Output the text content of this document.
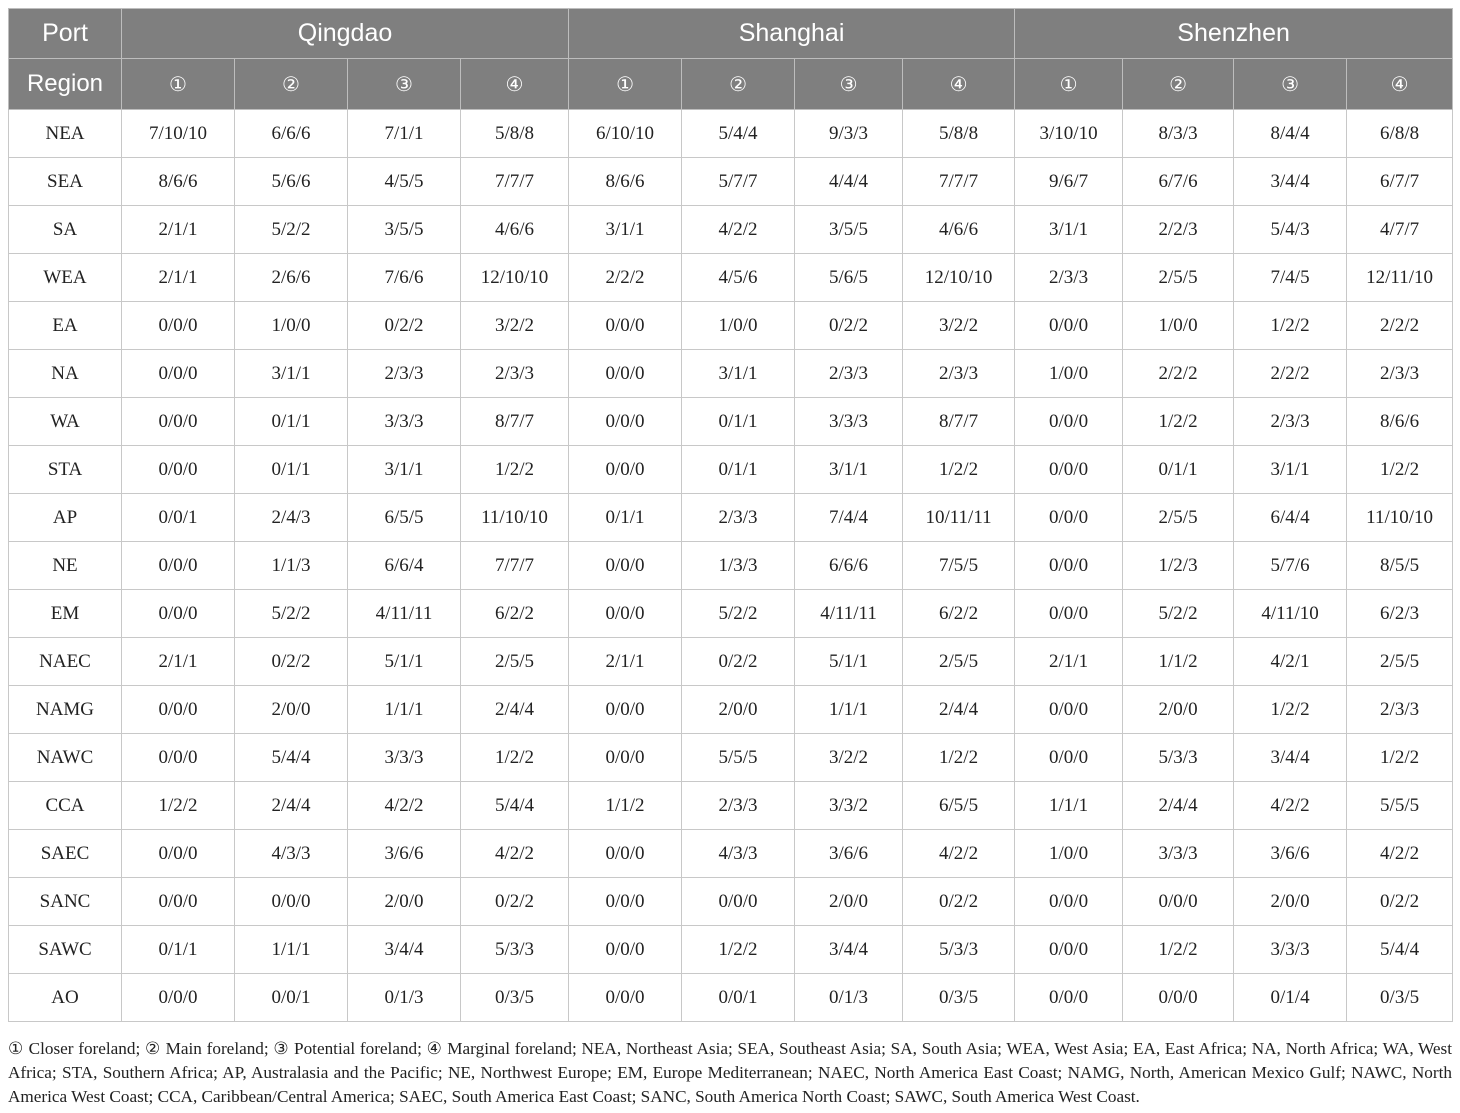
Port	Qingdao				Shanghai				Shenzhen			
Region	①	②	③	④	①	②	③	④	①	②	③	④
NEA	7/10/10	6/6/6	7/1/1	5/8/8	6/10/10	5/4/4	9/3/3	5/8/8	3/10/10	8/3/3	8/4/4	6/8/8
SEA	8/6/6	5/6/6	4/5/5	7/7/7	8/6/6	5/7/7	4/4/4	7/7/7	9/6/7	6/7/6	3/4/4	6/7/7
SA	2/1/1	5/2/2	3/5/5	4/6/6	3/1/1	4/2/2	3/5/5	4/6/6	3/1/1	2/2/3	5/4/3	4/7/7
WEA	2/1/1	2/6/6	7/6/6	12/10/10	2/2/2	4/5/6	5/6/5	12/10/10	2/3/3	2/5/5	7/4/5	12/11/10
EA	0/0/0	1/0/0	0/2/2	3/2/2	0/0/0	1/0/0	0/2/2	3/2/2	0/0/0	1/0/0	1/2/2	2/2/2
NA	0/0/0	3/1/1	2/3/3	2/3/3	0/0/0	3/1/1	2/3/3	2/3/3	1/0/0	2/2/2	2/2/2	2/3/3
WA	0/0/0	0/1/1	3/3/3	8/7/7	0/0/0	0/1/1	3/3/3	8/7/7	0/0/0	1/2/2	2/3/3	8/6/6
STA	0/0/0	0/1/1	3/1/1	1/2/2	0/0/0	0/1/1	3/1/1	1/2/2	0/0/0	0/1/1	3/1/1	1/2/2
AP	0/0/1	2/4/3	6/5/5	11/10/10	0/1/1	2/3/3	7/4/4	10/11/11	0/0/0	2/5/5	6/4/4	11/10/10
NE	0/0/0	1/1/3	6/6/4	7/7/7	0/0/0	1/3/3	6/6/6	7/5/5	0/0/0	1/2/3	5/7/6	8/5/5
EM	0/0/0	5/2/2	4/11/11	6/2/2	0/0/0	5/2/2	4/11/11	6/2/2	0/0/0	5/2/2	4/11/10	6/2/3
NAEC	2/1/1	0/2/2	5/1/1	2/5/5	2/1/1	0/2/2	5/1/1	2/5/5	2/1/1	1/1/2	4/2/1	2/5/5
NAMG	0/0/0	2/0/0	1/1/1	2/4/4	0/0/0	2/0/0	1/1/1	2/4/4	0/0/0	2/0/0	1/2/2	2/3/3
NAWC	0/0/0	5/4/4	3/3/3	1/2/2	0/0/0	5/5/5	3/2/2	1/2/2	0/0/0	5/3/3	3/4/4	1/2/2
CCA	1/2/2	2/4/4	4/2/2	5/4/4	1/1/2	2/3/3	3/3/2	6/5/5	1/1/1	2/4/4	4/2/2	5/5/5
SAEC	0/0/0	4/3/3	3/6/6	4/2/2	0/0/0	4/3/3	3/6/6	4/2/2	1/0/0	3/3/3	3/6/6	4/2/2
SANC	0/0/0	0/0/0	2/0/0	0/2/2	0/0/0	0/0/0	2/0/0	0/2/2	0/0/0	0/0/0	2/0/0	0/2/2
SAWC	0/1/1	1/1/1	3/4/4	5/3/3	0/0/0	1/2/2	3/4/4	5/3/3	0/0/0	1/2/2	3/3/3	5/4/4
AO	0/0/0	0/0/1	0/1/3	0/3/5	0/0/0	0/0/1	0/1/3	0/3/5	0/0/0	0/0/0	0/1/4	0/3/5
① Closer foreland; ② Main foreland; ③ Potential foreland; ④ Marginal foreland; NEA, Northeast Asia; SEA, Southeast Asia; SA, South Asia; WEA, West Asia; EA, East Africa; NA, North Africa; WA, West Africa; STA, Southern Africa; AP, Australasia and the Pacific; NE, Northwest Europe; EM, Europe Mediterranean; NAEC, North America East Coast; NAMG, North, American Mexico Gulf; NAWC, North America West Coast; CCA, Caribbean/Central America; SAEC, South America East Coast; SANC, South America North Coast; SAWC, South America West Coast.
